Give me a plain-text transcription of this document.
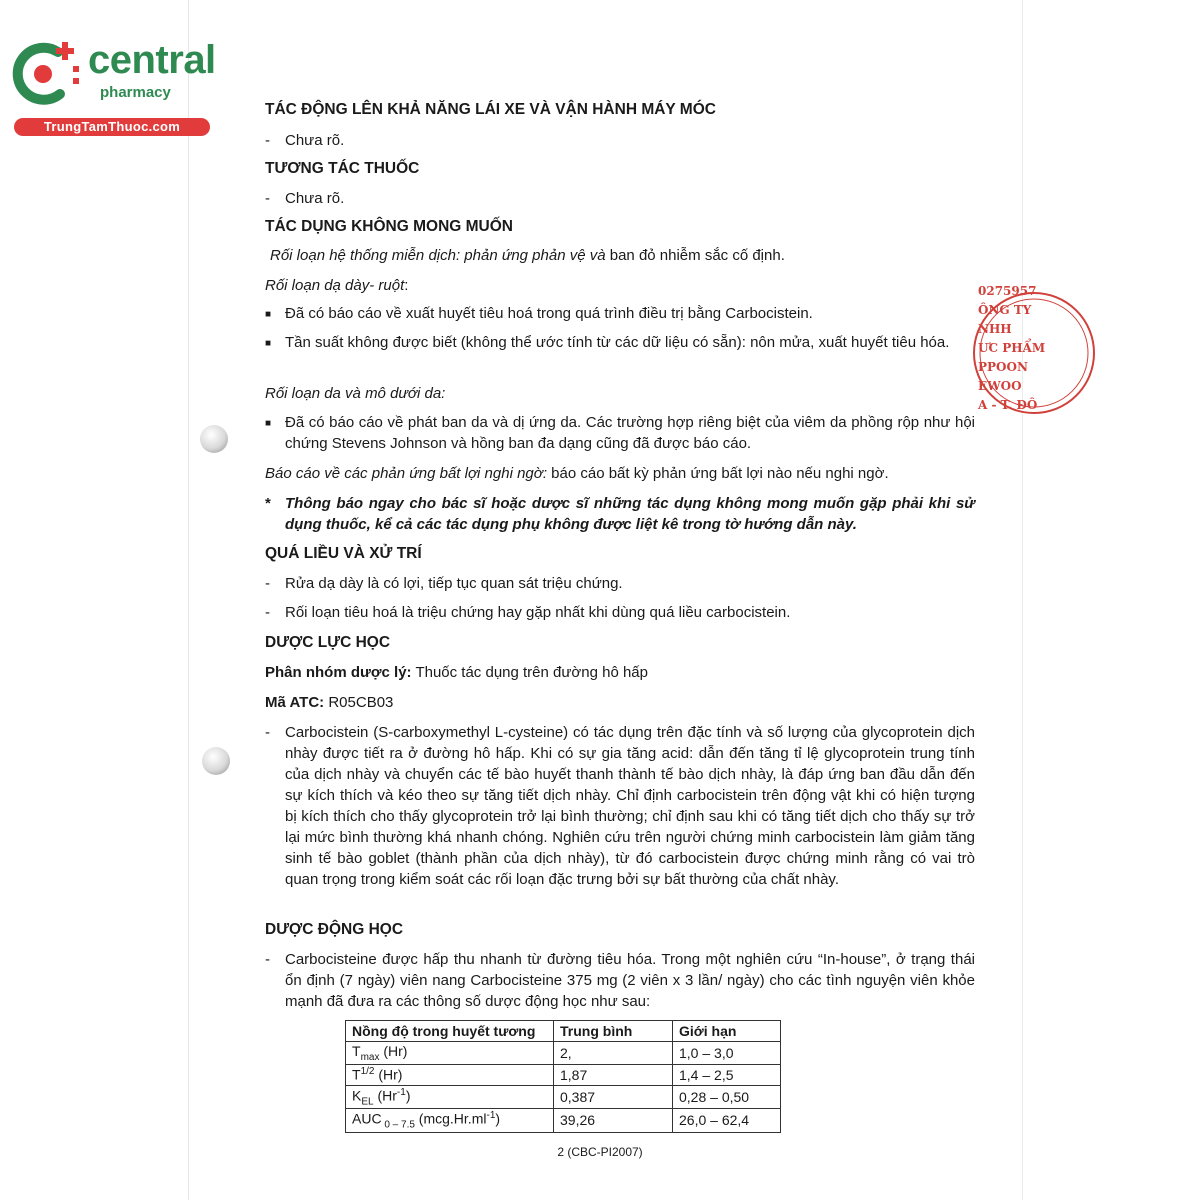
central
pharmacy
TrungTamThuoc.com
0275957
ÔNG TY
NHH
ƯC PHẨM
PPOON
EWOO
A - T. ĐÔ
TÁC ĐỘNG LÊN KHẢ NĂNG LÁI XE VÀ VẬN HÀNH MÁY MÓC
- Chưa rõ.
TƯƠNG TÁC THUỐC
- Chưa rõ.
TÁC DỤNG KHÔNG MONG MUỐN
Rối loạn hệ thống miễn dịch: phản ứng phản vệ và ban đỏ nhiễm sắc cố định.
Rối loạn dạ dày- ruột:
■ Đã có báo cáo về xuất huyết tiêu hoá trong quá trình điều trị bằng Carbocistein.
■ Tần suất không được biết (không thể ước tính từ các dữ liệu có sẵn): nôn mửa, xuất huyết tiêu hóa.
Rối loạn da và mô dưới da:
■ Đã có báo cáo về phát ban da và dị ứng da. Các trường hợp riêng biệt của viêm da phồng rộp như hội chứng Stevens Johnson và hồng ban đa dạng cũng đã được báo cáo.
Báo cáo về các phản ứng bất lợi nghi ngờ: báo cáo bất kỳ phản ứng bất lợi nào nếu nghi ngờ.
* Thông báo ngay cho bác sĩ hoặc dược sĩ những tác dụng không mong muốn gặp phải khi sử dụng thuốc, kể cả các tác dụng phụ không được liệt kê trong tờ hướng dẫn này.
QUÁ LIỀU VÀ XỬ TRÍ
- Rửa dạ dày là có lợi, tiếp tục quan sát triệu chứng.
- Rối loạn tiêu hoá là triệu chứng hay gặp nhất khi dùng quá liều carbocistein.
DƯỢC LỰC HỌC
Phân nhóm dược lý: Thuốc tác dụng trên đường hô hấp
Mã ATC: R05CB03
- Carbocistein (S-carboxymethyl L-cysteine) có tác dụng trên đặc tính và số lượng của glycoprotein dịch nhày được tiết ra ở đường hô hấp. Khi có sự gia tăng acid: dẫn đến tăng tỉ lệ glycoprotein trung tính của dịch nhày và chuyển các tế bào huyết thanh thành tế bào dịch nhày, là đáp ứng ban đầu dẫn đến sự kích thích và kéo theo sự tăng tiết dịch nhày. Chỉ định carbocistein trên động vật khi có hiện tượng bị kích thích cho thấy glycoprotein trở lại bình thường; chỉ định sau khi có tăng tiết dịch cho thấy sự trở lại mức bình thường khá nhanh chóng. Nghiên cứu trên người chứng minh carbocistein làm giảm tăng sinh tế bào goblet (thành phần của dịch nhày), từ đó carbocistein được chứng minh rằng có vai trò quan trọng trong kiểm soát các rối loạn đặc trưng bởi sự bất thường của chất nhày.
DƯỢC ĐỘNG HỌC
- Carbocisteine được hấp thu nhanh từ đường tiêu hóa. Trong một nghiên cứu “In-house”, ở trạng thái ổn định (7 ngày) viên nang Carbocisteine 375 mg (2 viên x 3 lần/ ngày) cho các tình nguyện viên khỏe mạnh đã đưa ra các thông số dược động học như sau:
Nồng độ trong huyết tương	Trung bình	Giới hạn
$T_{max}$ (Hr)	2,	1,0 – 3,0
$T^{1/2}$ (Hr)	1,87	1,4 – 2,5
$K_{EL}$ $(Hr^{-1})$	0,387	0,28 – 0,50
AUC $_{0 - 7.5}$ $(mcg.Hr.ml^{-1})$	39,26	26,0 – 62,4
2 (CBC-PI2007)
